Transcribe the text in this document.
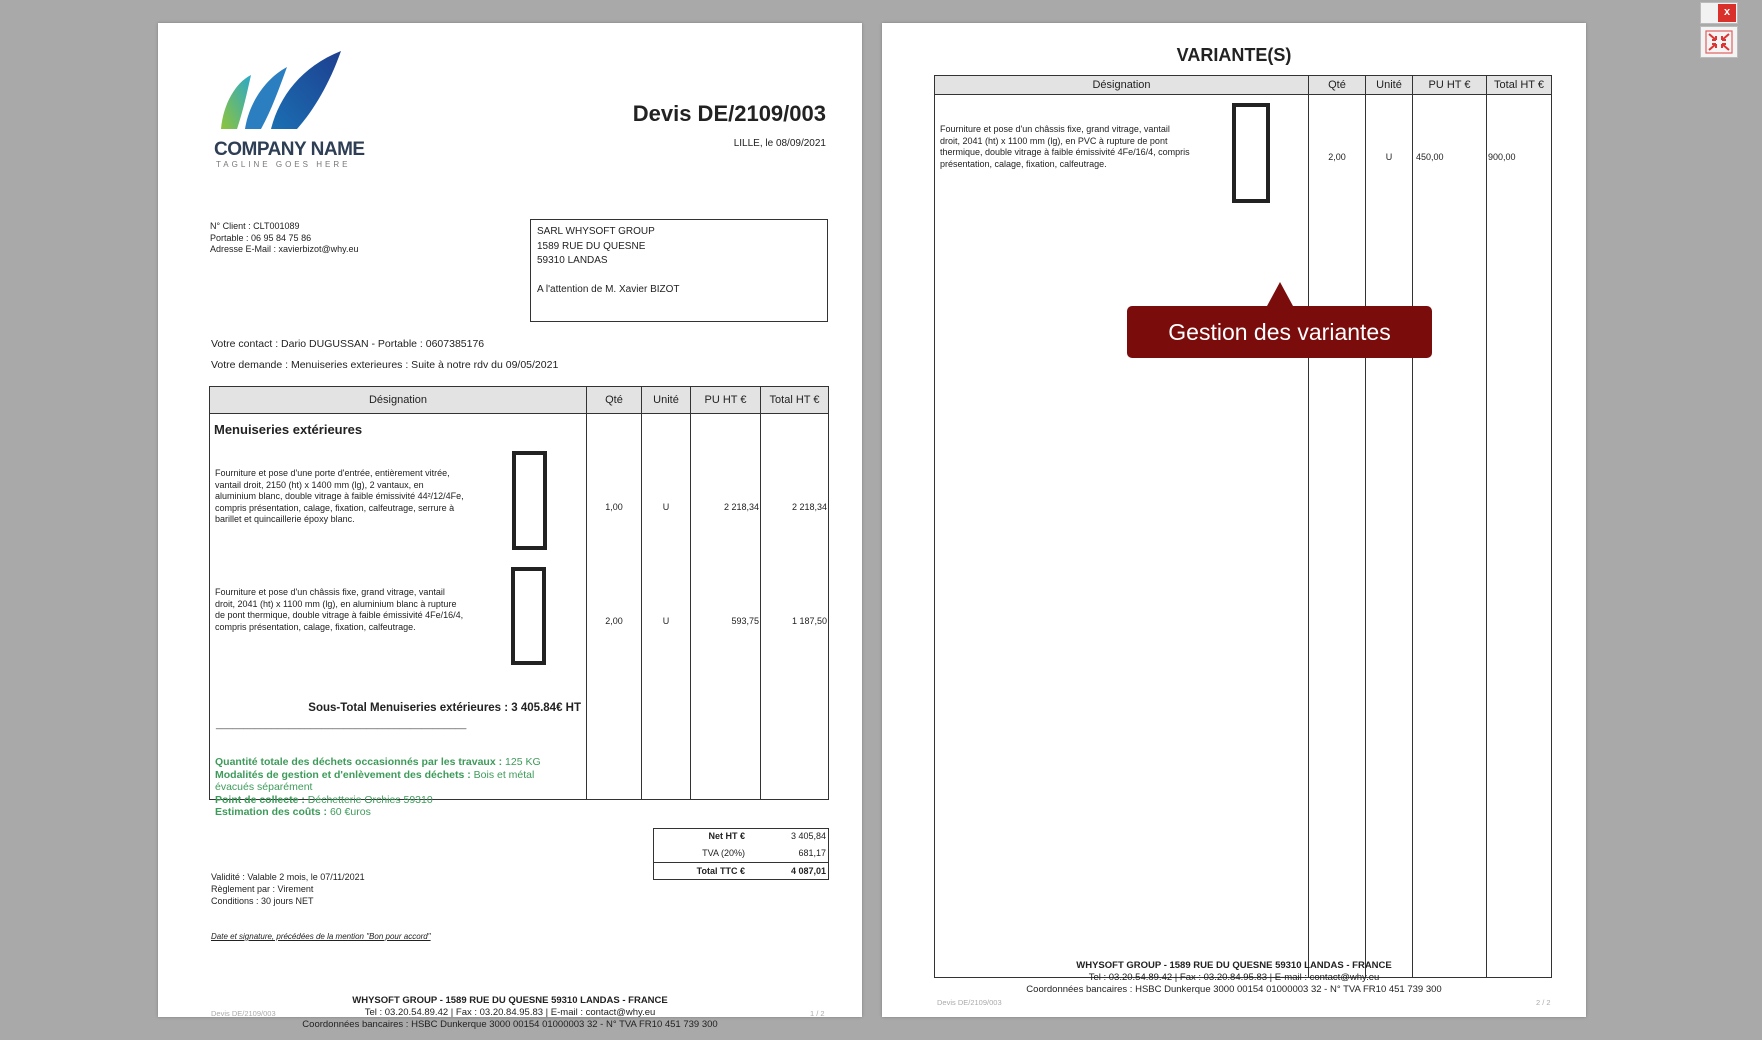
COMPANY NAME
TAGLINE GOES HERE
Devis DE/2109/003
LILLE, le 08/09/2021
N° Client : CLT001089
Portable : 06 95 84 75 86
Adresse E-Mail : xavierbizot@why.eu
SARL WHYSOFT GROUP
1589 RUE DU QUESNE
59310 LANDAS
A l'attention de M. Xavier BIZOT
Votre contact : Dario DUGUSSAN - Portable : 0607385176
Votre demande : Menuiseries exterieures : Suite à notre rdv du 09/05/2021
Désignation	Qté	Unité	PU HT €	Total HT €
Menuiseries extérieures
Fourniture et pose d'une porte d'entrée, entièrement vitrée, vantail droit, 2150 (ht) x 1400 mm (lg), 2 vantaux, en aluminium blanc, double vitrage à faible émissivité 44²/12/4Fe, compris présentation, calage, fixation, calfeutrage, serrure à barillet et quincaillerie époxy blanc.
1,00	U	2 218,34	2 218,34
Fourniture et pose d'un châssis fixe, grand vitrage, vantail droit, 2041 (ht) x 1100 mm (lg), en aluminium blanc à rupture de pont thermique, double vitrage à faible émissivité 4Fe/16/4, compris présentation, calage, fixation, calfeutrage.
2,00	U	593,75	1 187,50
Sous-Total Menuiseries extérieures : 3 405.84€ HT
_____________________________________________
Quantité totale des déchets occasionnés par les travaux : 125 KG
Modalités de gestion et d'enlèvement des déchets : Bois et métal évacués séparément
Point de collecte : Déchetterie Orchies 59310
Estimation des coûts : 60 €uros
Net HT €	3 405,84
TVA (20%)	681,17
Total TTC €	4 087,01
Validité : Valable 2 mois, le 07/11/2021
Règlement par : Virement
Conditions : 30 jours NET
Date et signature, précédées de la mention "Bon pour accord"
WHYSOFT GROUP - 1589 RUE DU QUESNE 59310 LANDAS - FRANCE
Tel : 03.20.54.89.42 | Fax : 03.20.84.95.83 | E-mail : contact@why.eu
Coordonnées bancaires : HSBC Dunkerque 3000 00154 01000003 32 - N° TVA FR10 451 739 300
Devis DE/2109/003	1 / 2
VARIANTE(S)
Désignation	Qté	Unité	PU HT €	Total HT €
Fourniture et pose d'un châssis fixe, grand vitrage, vantail droit, 2041 (ht) x 1100 mm (lg), en PVC à rupture de pont thermique, double vitrage à faible émissivité 4Fe/16/4, compris présentation, calage, fixation, calfeutrage.
2,00	U	450,00	900,00
WHYSOFT GROUP - 1589 RUE DU QUESNE 59310 LANDAS - FRANCE
Tel : 03.20.54.89.42 | Fax : 03.20.84.95.83 | E-mail : contact@why.eu
Coordonnées bancaires : HSBC Dunkerque 3000 00154 01000003 32 - N° TVA FR10 451 739 300
Devis DE/2109/003	2 / 2
Gestion des variantes
x
